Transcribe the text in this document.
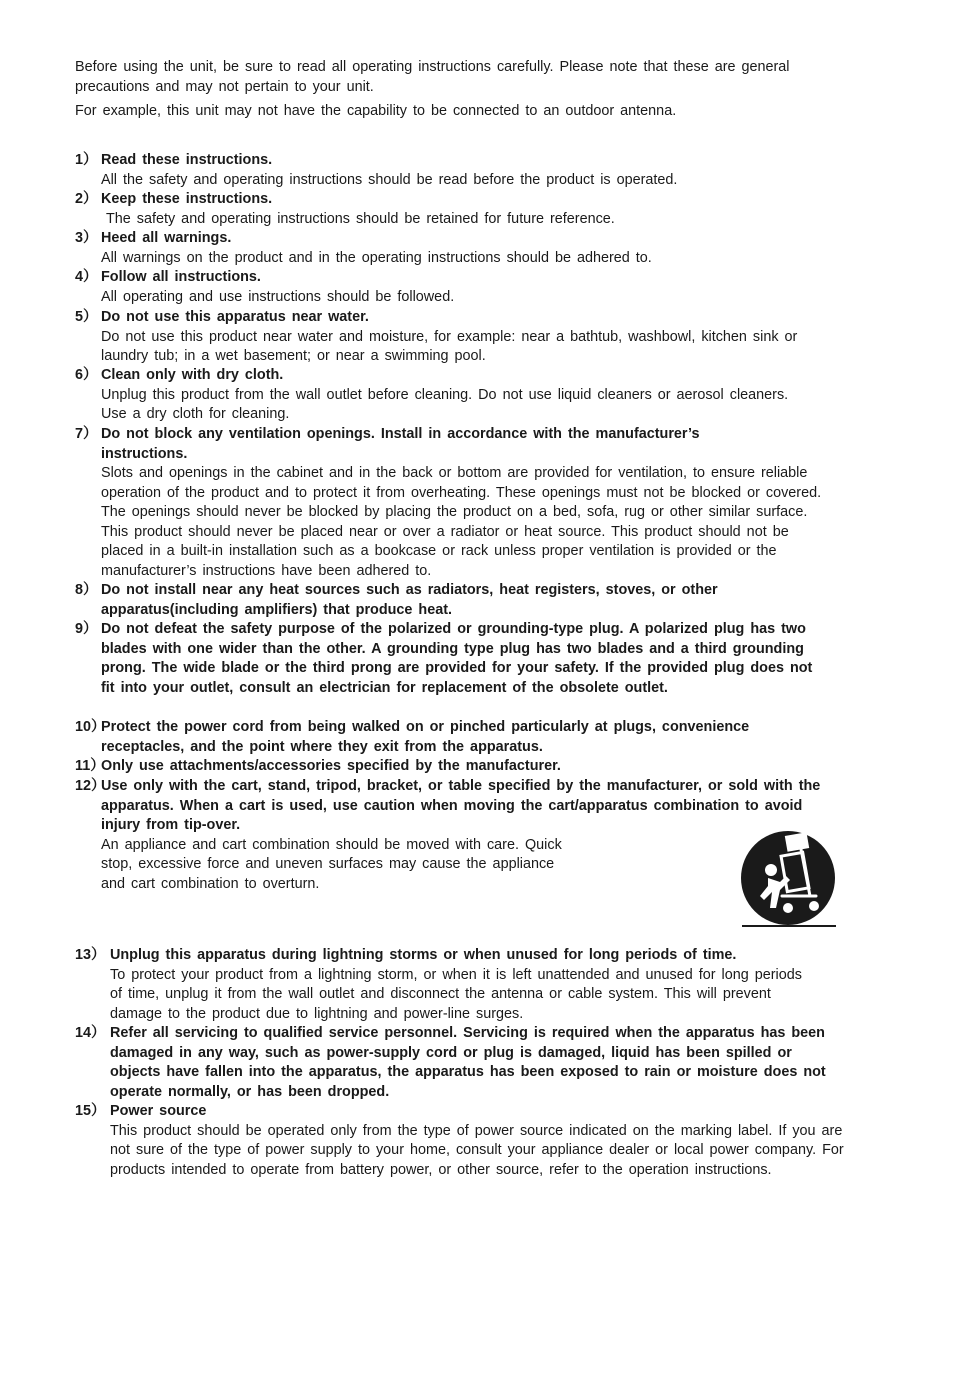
Before using the unit, be sure to read all operating instructions carefully. Please note that these are general precautions and may not pertain to your unit.

For example, this unit may not have the capability to be connected to an outdoor antenna.

1） Read these instructions.
All the safety and operating instructions should be read before the product is operated.
2） Keep these instructions.
The safety and operating instructions should be retained for future reference.
3） Heed all warnings.
All warnings on the product and in the operating instructions should be adhered to.
4） Follow all instructions.
All operating and use instructions should be followed.
5） Do not use this apparatus near water.
Do not use this product near water and moisture, for example: near a bathtub, washbowl, kitchen sink or laundry tub; in a wet basement; or near a swimming pool.
6） Clean only with dry cloth.
Unplug this product from the wall outlet before cleaning. Do not use liquid cleaners or aerosol cleaners. Use a dry cloth for cleaning.
7） Do not block any ventilation openings. Install in accordance with the manufacturer’s instructions.
Slots and openings in the cabinet and in the back or bottom are provided for ventilation, to ensure reliable operation of the product and to protect it from overheating. These openings must not be blocked or covered. The openings should never be blocked by placing the product on a bed, sofa, rug or other similar surface. This product should never be placed near or over a radiator or heat source. This product should not be placed in a built-in installation such as a bookcase or rack unless proper ventilation is provided or the manufacturer’s instructions have been adhered to.
8） Do not install near any heat sources such as radiators, heat registers, stoves, or other apparatus(including amplifiers) that produce heat.
9） Do not defeat the safety purpose of the polarized or grounding-type plug. A polarized plug has two blades with one wider than the other. A grounding type plug has two blades and a third grounding prong. The wide blade or the third prong are provided for your safety. If the provided plug does not fit into your outlet, consult an electrician for replacement of the obsolete outlet.
10）
Protect the power cord from being walked on or pinched particularly at plugs, convenience receptacles, and the point where they exit from the apparatus.
11）
Only use attachments/accessories specified by the manufacturer.
12）
Use only with the cart, stand, tripod, bracket, or table specified by the manufacturer, or sold with the apparatus. When a cart is used, use caution when moving the cart/apparatus combination to avoid injury from tip-over.
An appliance and cart combination should be moved with care. Quick stop, excessive force and uneven surfaces may cause the appliance and cart combination to overturn.
13） Unplug this apparatus during lightning storms or when unused for long periods of time.
To protect your product from a lightning storm, or when it is left unattended and unused for long periods of time, unplug it from the wall outlet and disconnect the antenna or cable system. This will prevent damage to the product due to lightning and power-line surges.
14） Refer all servicing to qualified service personnel. Servicing is required when the apparatus has been damaged in any way, such as power-supply cord or plug is damaged, liquid has been spilled or objects have fallen into the apparatus, the apparatus has been exposed to rain or moisture does not operate normally, or has been dropped.
15） Power source
This product should be operated only from the type of power source indicated on the marking label. If you are not sure of the type of power supply to your home, consult your appliance dealer or local power company. For products intended to operate from battery power, or other source, refer to the operation instructions.
